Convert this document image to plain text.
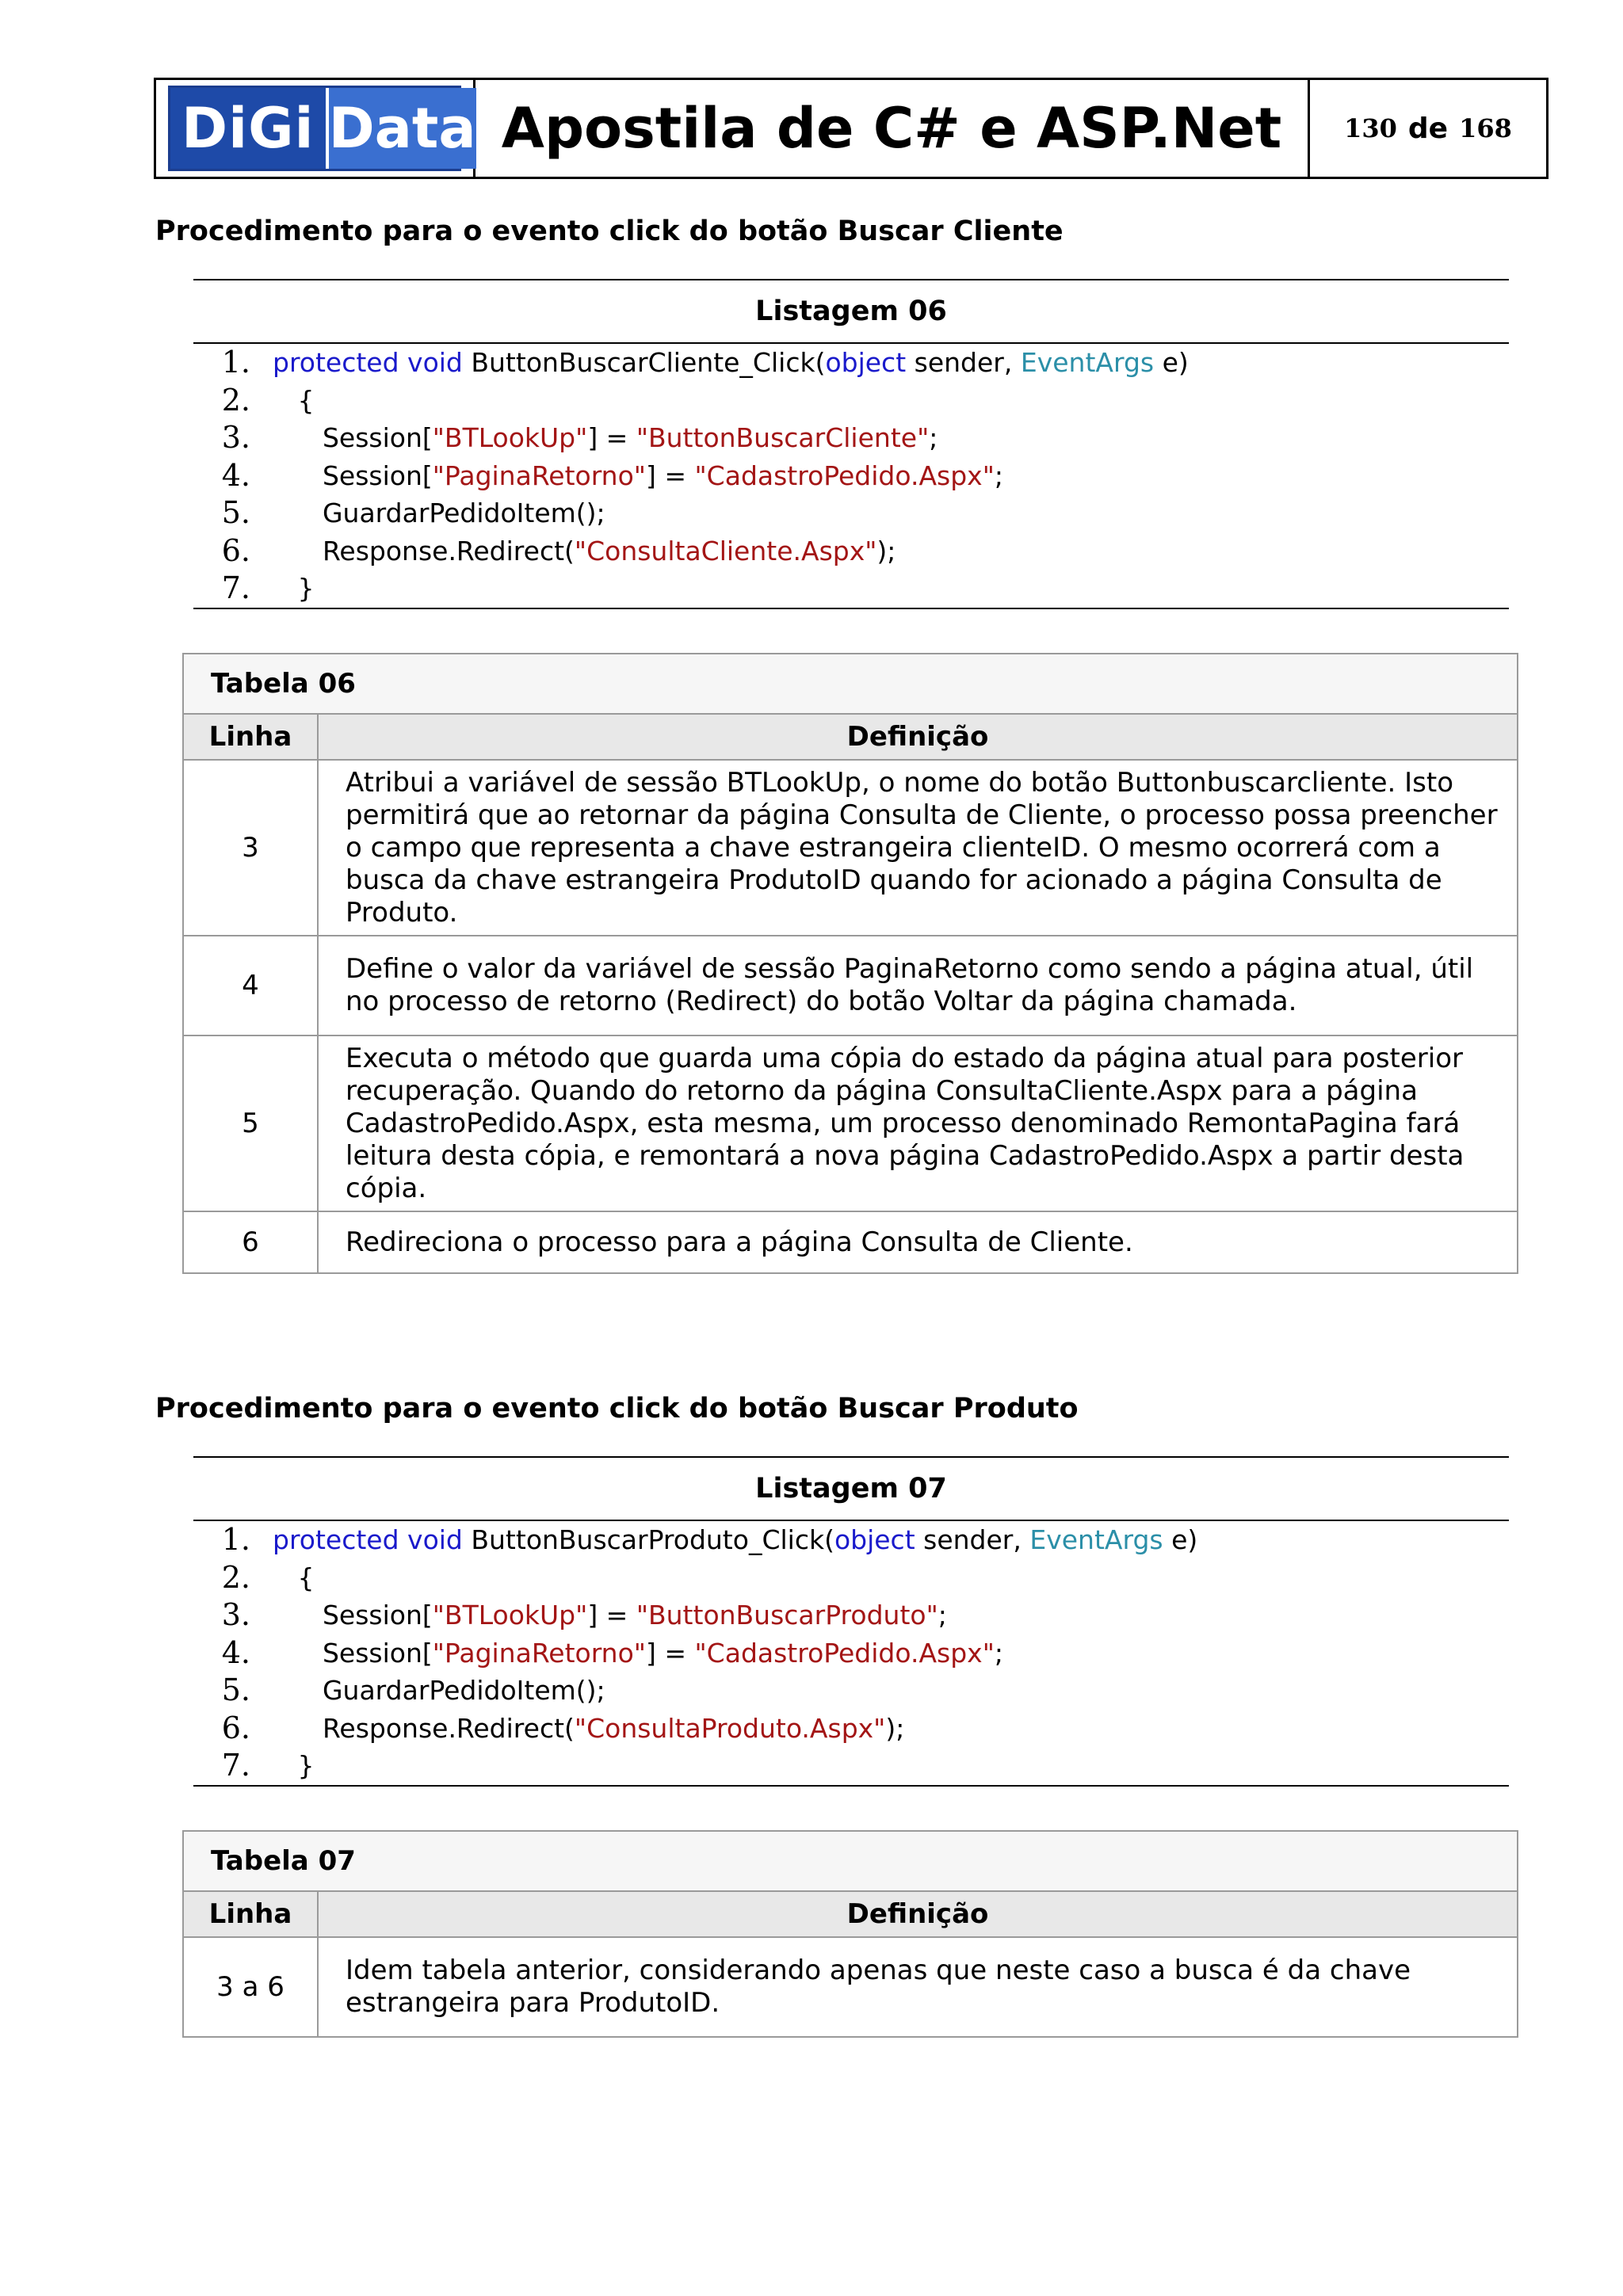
DiGi Data Apostila de C# e ASP.Net	130 de 168
Procedimento para o evento click do botão Buscar Cliente
Listagem 06
1. protected void ButtonBuscarCliente_Click(object sender, EventArgs e)
2.	{
3.	Session["BTLookUp"] = "ButtonBuscarCliente";
4.	Session["PaginaRetorno"] = "CadastroPedido.Aspx";
5.	GuardarPedidoItem();
6.	Response.Redirect("ConsultaCliente.Aspx");
7.	}
Tabela 06	
Linha	Definição
3	Atribui a variável de sessão BTLookUp, o nome do botão Buttonbuscarcliente. Isto permitirá que ao retornar da página Consulta de Cliente, o processo possa preencher o campo que representa a chave estrangeira clienteID. O mesmo ocorrerá com a busca da chave estrangeira ProdutoID quando for acionado a página Consulta de Produto.
4	Define o valor da variável de sessão PaginaRetorno como sendo a página atual, útil no processo de retorno (Redirect) do botão Voltar da página chamada.
5	Executa o método que guarda uma cópia do estado da página atual para posterior recuperação. Quando do retorno da página ConsultaCliente.Aspx para a página CadastroPedido.Aspx, esta mesma, um processo denominado RemontaPagina fará leitura desta cópia, e remontará a nova página CadastroPedido.Aspx a partir desta cópia.
6	Redireciona o processo para a página Consulta de Cliente.
Procedimento para o evento click do botão Buscar Produto
Listagem 07
1. protected void ButtonBuscarProduto_Click(object sender, EventArgs e)
2.	{
3.	Session["BTLookUp"] = "ButtonBuscarProduto";
4.	Session["PaginaRetorno"] = "CadastroPedido.Aspx";
5.	GuardarPedidoItem();
6.	Response.Redirect("ConsultaProduto.Aspx");
7.	}
Tabela 07	
Linha	Definição
3 a 6	Idem tabela anterior, considerando apenas que neste caso a busca é da chave estrangeira para ProdutoID.
